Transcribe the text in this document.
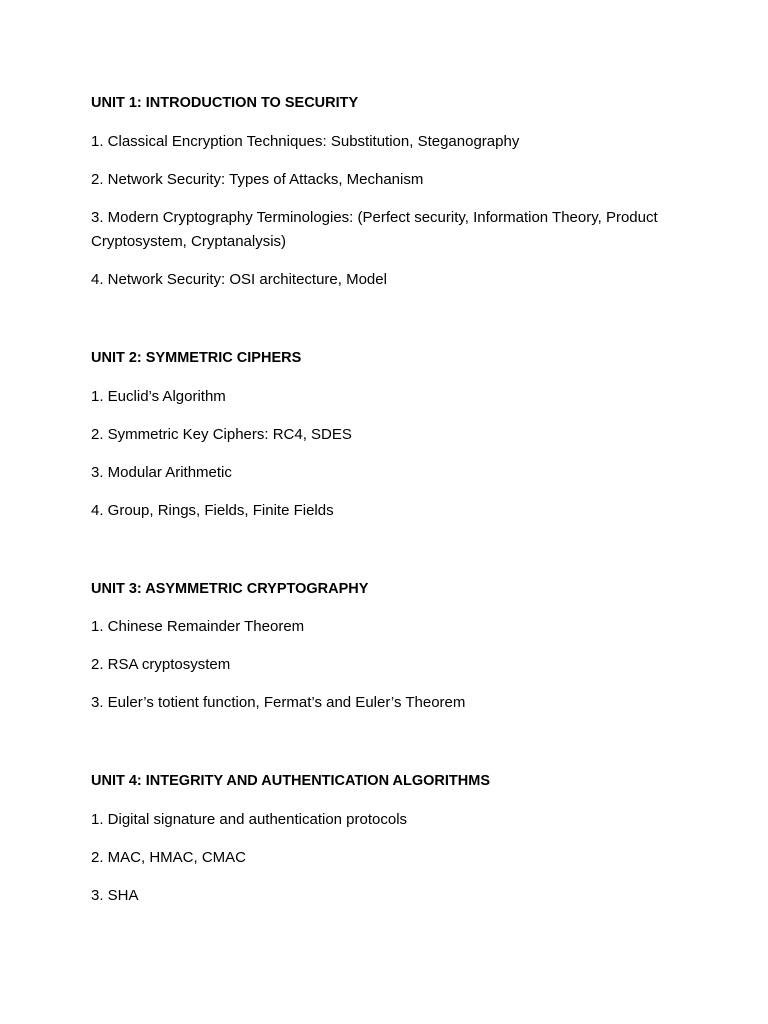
UNIT 1: INTRODUCTION TO SECURITY

1. Classical Encryption Techniques: Substitution, Steganography

2. Network Security: Types of Attacks, Mechanism

3. Modern Cryptography Terminologies: (Perfect security, Information Theory, Product Cryptosystem, Cryptanalysis)

4. Network Security: OSI architecture, Model

UNIT 2: SYMMETRIC CIPHERS

1. Euclid’s Algorithm

2. Symmetric Key Ciphers: RC4, SDES

3. Modular Arithmetic

4. Group, Rings, Fields, Finite Fields

UNIT 3: ASYMMETRIC CRYPTOGRAPHY

1. Chinese Remainder Theorem

2. RSA cryptosystem

3. Euler’s totient function, Fermat’s and Euler’s Theorem

UNIT 4: INTEGRITY AND AUTHENTICATION ALGORITHMS

1. Digital signature and authentication protocols

2. MAC, HMAC, CMAC

3. SHA
